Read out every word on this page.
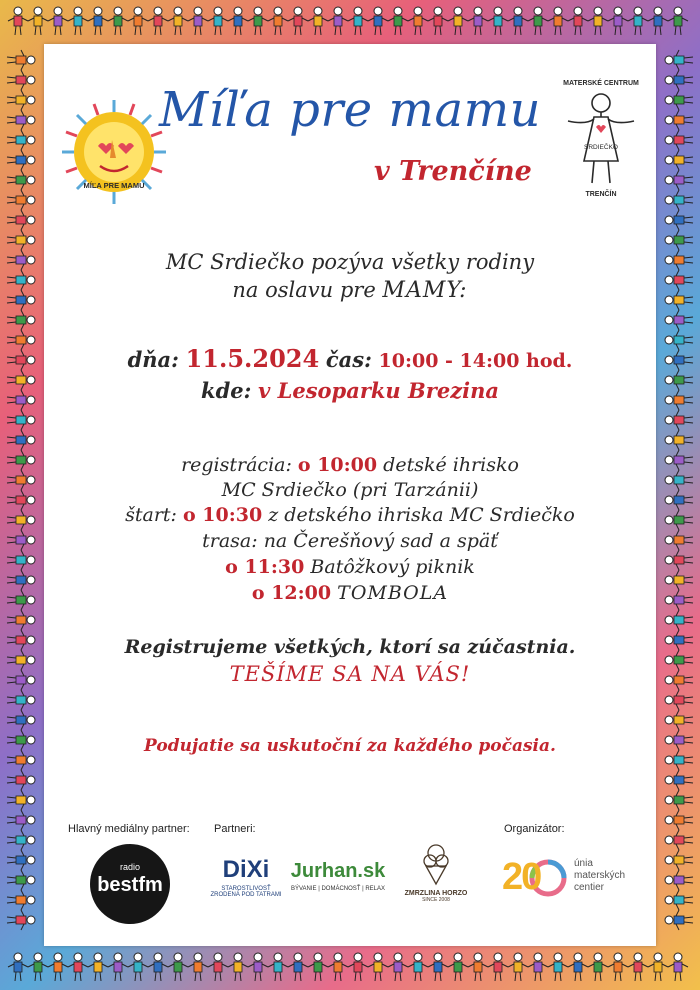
MÍĽA PRE MAMU
Míľa pre mamu
v Trenčíne
MATERSKÉ CENTRUM
SRDIEČKO
TRENČÍN
MC Srdiečko pozýva všetky rodiny
na oslavu pre MAMY:
dňa: 11.5.2024 čas: 10:00 - 14:00 hod.
kde: v Lesoparku Brezina
registrácia: o 10:00 detské ihrisko
MC Srdiečko (pri Tarzánii)
štart: o 10:30 z detského ihriska MC Srdiečko
trasa: na Čerešňový sad a späť
o 11:30 Batôžkový piknik
o 12:00 TOMBOLA
Registrujeme všetkých, ktorí sa zúčastnia.
TEŠÍME SA NA VÁS!
Podujatie sa uskutoční za každého počasia.
Hlavný mediálny partner: Partneri:	Organizátor:
radio
bestfm
DiXi
STAROSTLIVOSŤ
ZRODENÁ POD TATRAMI
Jurhan.sk
BÝVANIE | DOMÁCNOSŤ | RELAX
ZMRZLINA HORZO
SINCE 2008
20	únia
materských
centier
